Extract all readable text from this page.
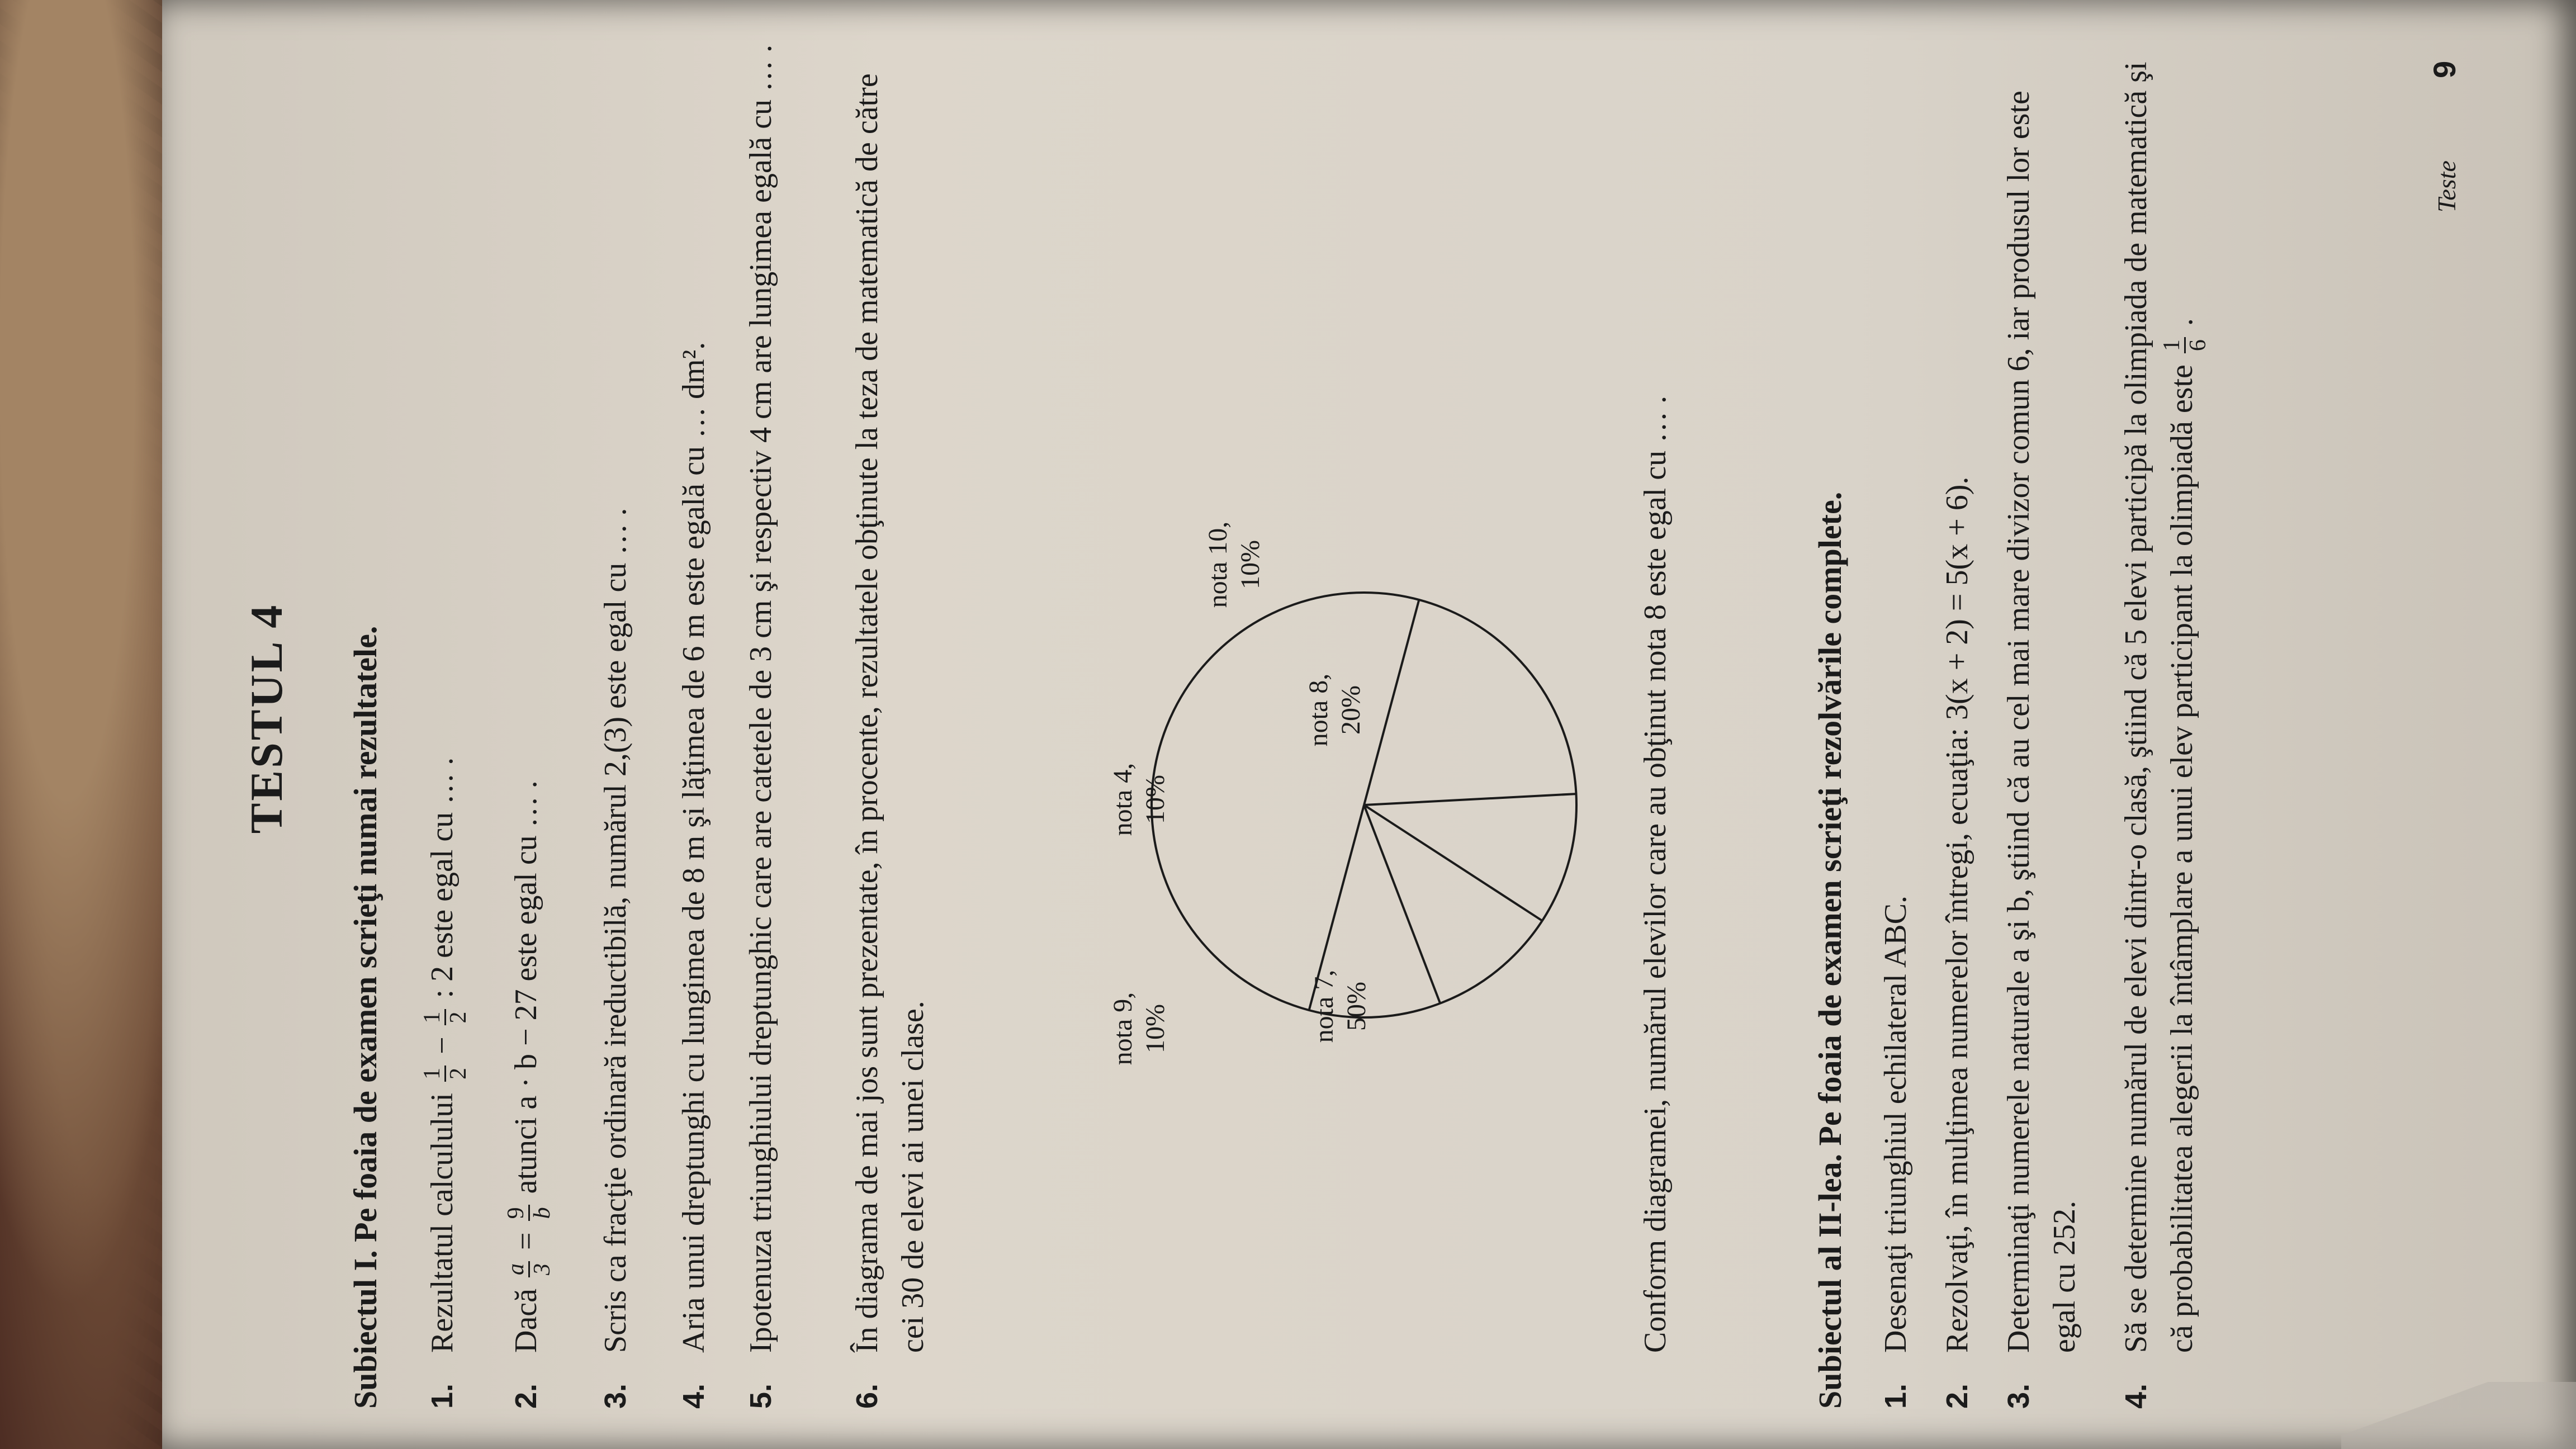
TESTUL 4 Subiectul I. Pe foaia de examen scrieţi numai rezultatele. 1.Rezultatul calculului
1 2
−
1 2
: 2 este egal cu … .
2.Dacă
a 3
=
9 b
atunci a · b − 27 este egal cu … .
3.Scris ca fracţie ordinară ireductibilă, numărul 2,(3) este egal cu … .
4.Aria unui dreptunghi cu lungimea de 8 m şi lăţimea de 6 m este egală cu … dm².
5.Ipotenuza triunghiului dreptunghic care are catetele de 3 cm şi respectiv 4 cm are lungimea egală cu … .
6.În diagrama de mai jos sunt prezentate, în procente, rezultatele obţinute la teza de matematică de către cei 30 de elevi ai unei clase.	nota 7, 50%
nota 8, 20%
nota 10, 10%
nota 4, 10%
nota 9, 10%	Conform diagramei, numărul elevilor care au obţinut nota 8 este egal cu … .	Subiectul al II-lea. Pe foaia de examen scrieţi rezolvările complete. 1.Desenaţi triunghiul echilateral ABC.
2.Rezolvaţi, în mulţimea numerelor întregi, ecuaţia: 3(x + 2) = 5(x + 6).
3.Determinaţi numerele naturale a şi b, ştiind că au cel mai mare divizor comun 6, iar produsul lor este egal cu 252.
4.Să se determine numărul de elevi dintr-o clasă, ştiind că 5 elevi participă la olimpiada de matematică şi că probabilitatea alegerii la întâmplare a unui elev participant la olimpiadă este
1 6
.
Teste
9
